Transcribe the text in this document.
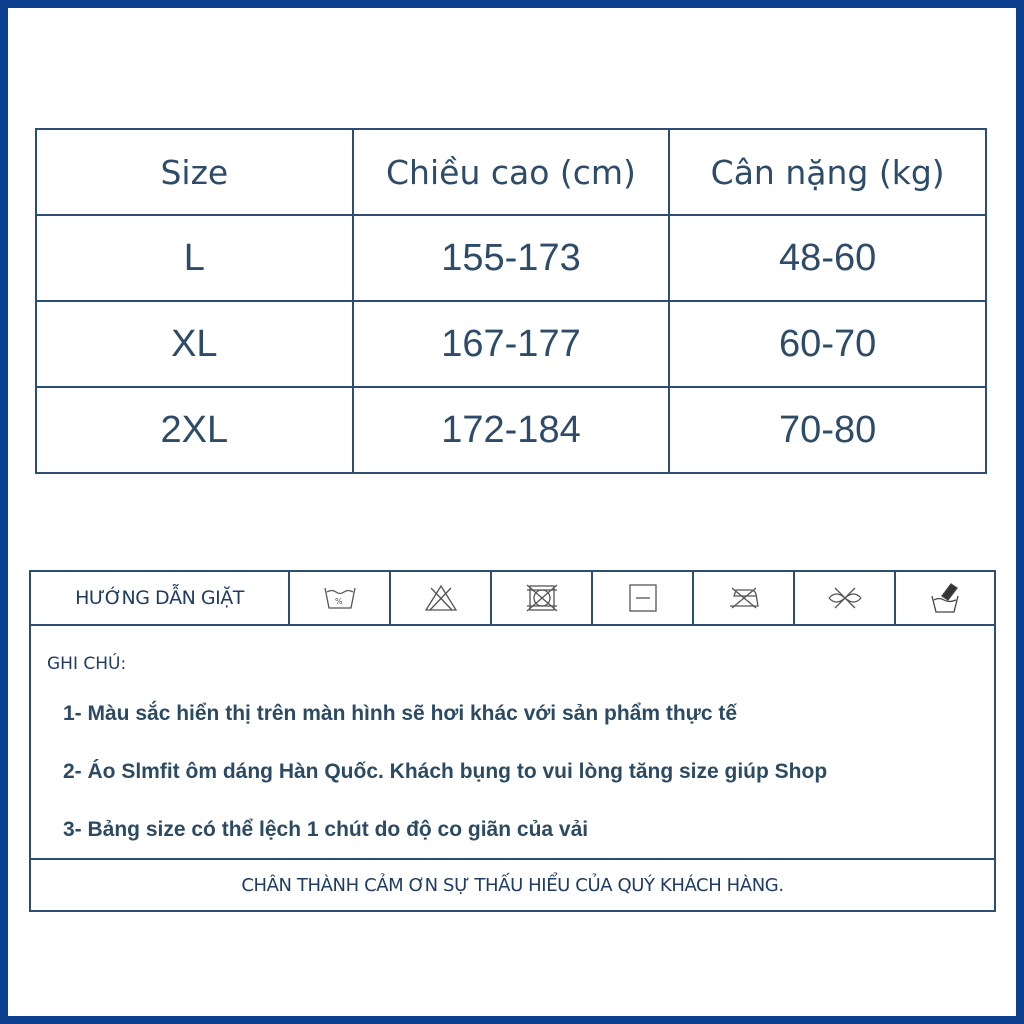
Size	Chiều cao (cm)	Cân nặng (kg)
L	155-173	48-60
XL	167-177	60-70
2XL	172-184	70-80
HƯỚNG DẪN GIẶT	%
GHI CHÚ:
1- Màu sắc hiển thị trên màn hình sẽ hơi khác với sản phẩm thực tế
2- Áo Slmfit ôm dáng Hàn Quốc. Khách bụng to vui lòng tăng size giúp Shop
3- Bảng size có thể lệch 1 chút do độ co giãn của vải
CHÂN THÀNH CẢM ƠN SỰ THẤU HIỂU CỦA QUÝ KHÁCH HÀNG.
